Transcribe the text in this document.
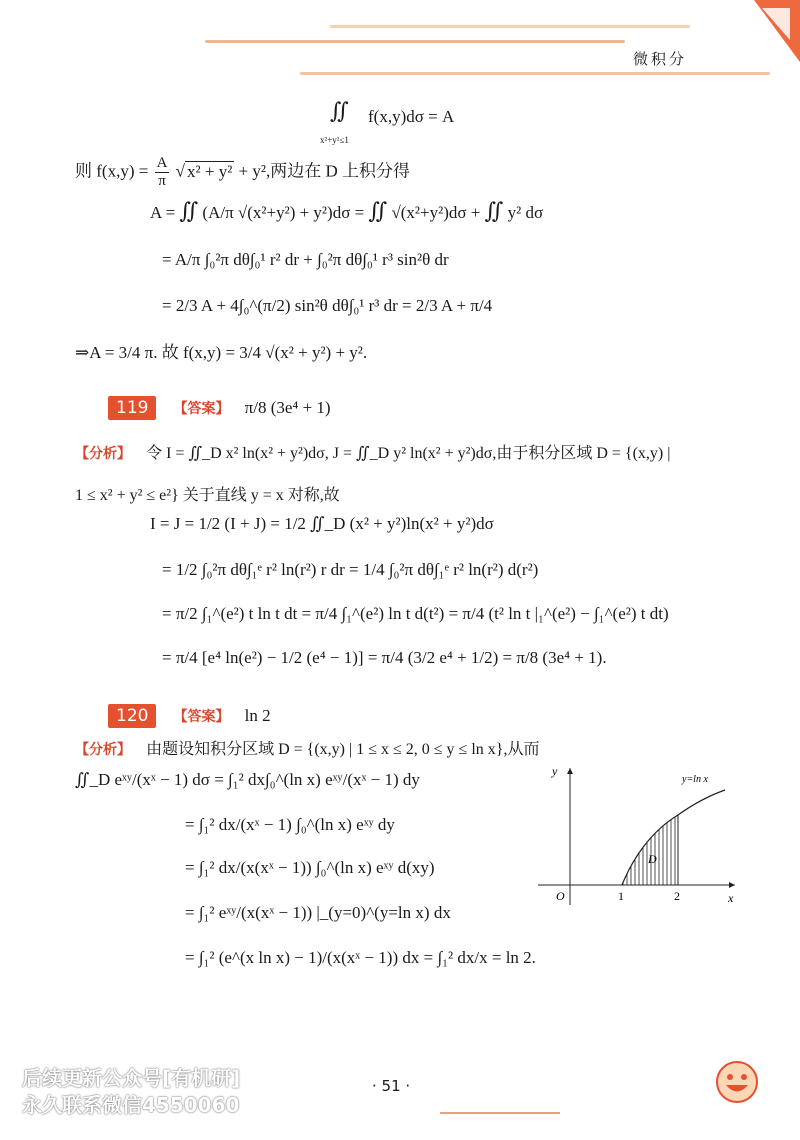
微积分
∬ f(x,y)dσ = A
x²+y²≤1
则 $f(x,y) = \frac{A}{\pi}$ √ x² + y² + y²,两边在 D 上积分得
A = ∬ (A/π √(x²+y²) + y²)dσ = ∬ √(x²+y²)dσ + ∬ y² dσ
= A/π ∫₀²π dθ∫₀¹ r² dr + ∫₀²π dθ∫₀¹ r³ sin²θ dr
= 2/3 A + 4∫₀^(π/2) sin²θ dθ∫₀¹ r³ dr = 2/3 A + π/4
⇒A = 3/4 π. 故 f(x,y) = 3/4 √(x² + y²) + y².
119 【答案】 π/8 (3e⁴ + 1)
【分析】 令 I = ∬_D x² ln(x² + y²)dσ, J = ∬_D y² ln(x² + y²)dσ,由于积分区域 D = {(x,y) |
1 ≤ x² + y² ≤ e²} 关于直线 y = x 对称,故
I = J = 1/2 (I + J) = 1/2 ∬_D (x² + y²)ln(x² + y²)dσ
= 1/2 ∫₀²π dθ∫₁ᵉ r² ln(r²) r dr = 1/4 ∫₀²π dθ∫₁ᵉ r² ln(r²) d(r²)
= π/2 ∫₁^(e²) t ln t dt = π/4 ∫₁^(e²) ln t d(t²) = π/4 (t² ln t |₁^(e²) − ∫₁^(e²) t dt)
= π/4 [e⁴ ln(e²) − 1/2 (e⁴ − 1)] = π/4 (3/2 e⁴ + 1/2) = π/8 (3e⁴ + 1).
120 【答案】 ln 2
【分析】 由题设知积分区域 D = {(x,y) | 1 ≤ x ≤ 2, 0 ≤ y ≤ ln x},从而
∬_D eˣʸ/(xˣ − 1) dσ = ∫₁² dx∫₀^(ln x) eˣʸ/(xˣ − 1) dy
= ∫₁² dx/(xˣ − 1) ∫₀^(ln x) eˣʸ dy
= ∫₁² dx/(x(xˣ − 1)) ∫₀^(ln x) eˣʸ d(xy)
= ∫₁² eˣʸ/(x(xˣ − 1)) |_(y=0)^(y=ln x) dx
= ∫₁² (e^(x ln x) − 1)/(x(xˣ − 1)) dx = ∫₁² dx/x = ln 2.
y
x
O	1	2
y=ln x
D
· 51 ·
后续更新公众号[有机研]
永久联系微信4550060
